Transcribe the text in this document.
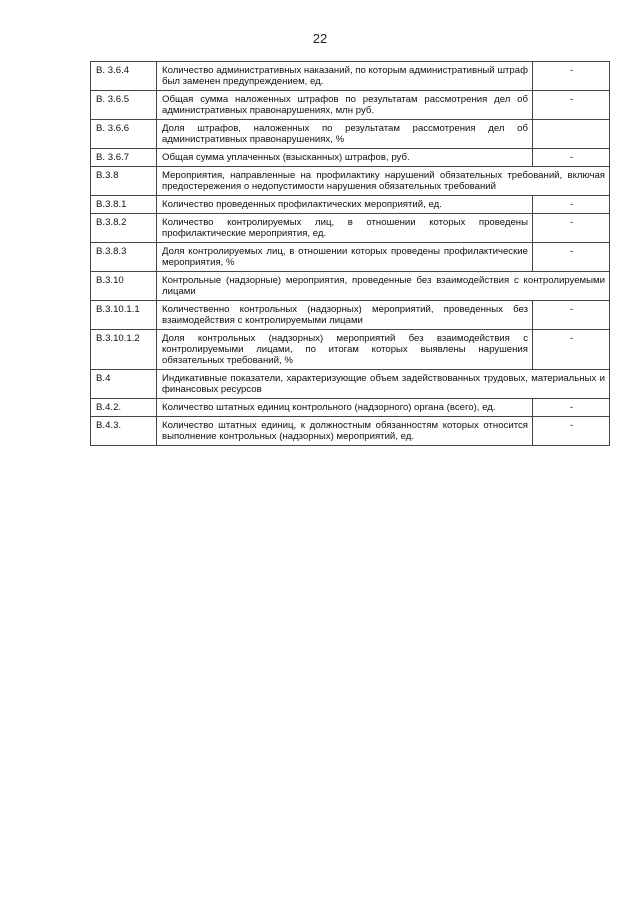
22
В. 3.6.4	Количество административных наказаний, по которым административный штраф был заменен предупреждением, ед.	-
В. 3.6.5	Общая сумма наложенных штрафов по результатам рассмотрения дел об административных правонарушениях, млн руб.	-
В. 3.6.6	Доля штрафов, наложенных по результатам рассмотрения дел об административных правонарушениях, %	
В. 3.6.7	Общая сумма уплаченных (взысканных) штрафов, руб.	-
В.3.8	Мероприятия, направленные на профилактику нарушений обязательных требований, включая предостережения о недопустимости нарушения обязательных требований	
В.3.8.1	Количество проведенных профилактических мероприятий, ед.	-
В.3.8.2	Количество контролируемых лиц, в отношении которых проведены профилактические мероприятия, ед.	-
В.3.8.3	Доля контролируемых лиц, в отношении которых проведены профилактические мероприятия, %	-
В.3.10	Контрольные (надзорные) мероприятия, проведенные без взаимодействия с контролируемыми лицами	
В.3.10.1.1	Количественно контрольных (надзорных) мероприятий, проведенных без взаимодействия с контролируемыми лицами	-
В.3.10.1.2	Доля контрольных (надзорных) мероприятий без взаимодействия с контролируемыми лицами, по итогам которых выявлены нарушения обязательных требований, %	-
В.4	Индикативные показатели, характеризующие объем задействованных трудовых, материальных и финансовых ресурсов	
В.4.2.	Количество штатных единиц контрольного (надзорного) органа (всего), ед.	-
В.4.3.	Количество штатных единиц, к должностным обязанностям которых относится выполнение контрольных (надзорных) мероприятий, ед.	-
